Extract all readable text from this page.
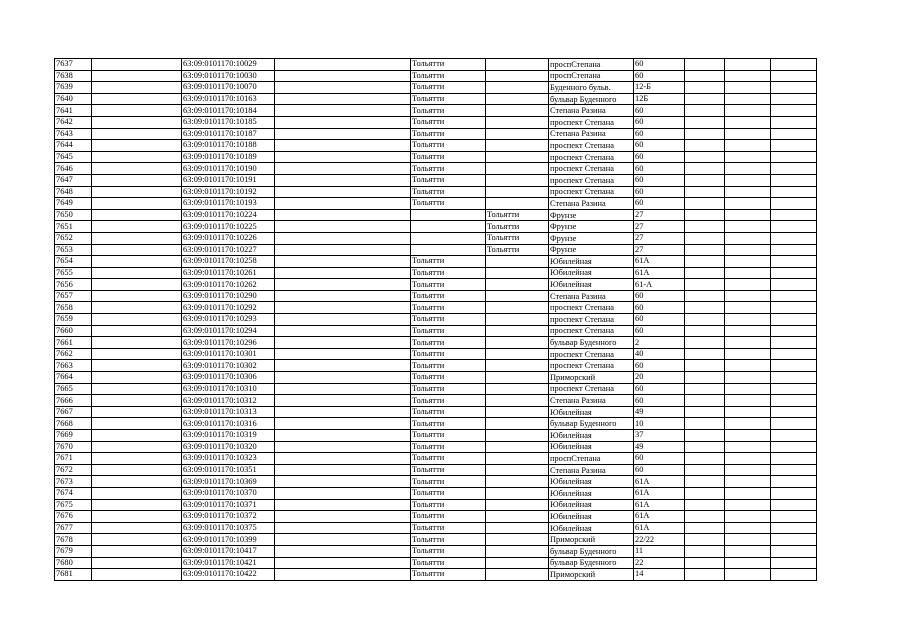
7637		63:09:0101170:10029		Тольятти		проспСтепана	60			
7638		63:09:0101170:10030		Тольятти		проспСтепана	60			
7639		63:09:0101170:10070		Тольятти		Буденного бульв.	12-Б			
7640		63:09:0101170:10163		Тольятти		бульвар Буденного	12Б			
7641		63:09:0101170:10184		Тольятти		Степана Разина	60			
7642		63:09:0101170:10185		Тольятти		проспект Степана	60			
7643		63:09:0101170:10187		Тольятти		Степана Разина	60			
7644		63:09:0101170:10188		Тольятти		проспект Степана	60			
7645		63:09:0101170:10189		Тольятти		проспект Степана	60			
7646		63:09:0101170:10190		Тольятти		проспект Степана	60			
7647		63:09:0101170:10191		Тольятти		проспект Степана	60			
7648		63:09:0101170:10192		Тольятти		проспект Степана	60			
7649		63:09:0101170:10193		Тольятти		Степана Разина	60			
7650		63:09:0101170:10224			Тольятти	Фрунзе	27			
7651		63:09:0101170:10225			Тольятти	Фрунзе	27			
7652		63:09:0101170:10226			Тольятти	Фрунзе	27			
7653		63:09:0101170:10227			Тольятти	Фрунзе	27			
7654		63:09:0101170:10258		Тольятти		Юбилейная	61А			
7655		63:09:0101170:10261		Тольятти		Юбилейная	61А			
7656		63:09:0101170:10262		Тольятти		Юбилейная	61-А			
7657		63:09:0101170:10290		Тольятти		Степана Разина	60			
7658		63:09:0101170:10292		Тольятти		проспект Степана	60			
7659		63:09:0101170:10293		Тольятти		проспект Степана	60			
7660		63:09:0101170:10294		Тольятти		проспект Степана	60			
7661		63:09:0101170:10296		Тольятти		бульвар Буденного	2			
7662		63:09:0101170:10301		Тольятти		проспект Степана	40			
7663		63:09:0101170:10302		Тольятти		проспект Степана	60			
7664		63:09:0101170:10306		Тольятти		Приморский	20			
7665		63:09:0101170:10310		Тольятти		проспект Степана	60			
7666		63:09:0101170:10312		Тольятти		Степана Разина	60			
7667		63:09:0101170:10313		Тольятти		Юбилейная	49			
7668		63:09:0101170:10316		Тольятти		бульвар Буденного	10			
7669		63:09:0101170:10319		Тольятти		Юбилейная	37			
7670		63:09:0101170:10320		Тольятти		Юбилейная	49			
7671		63:09:0101170:10323		Тольятти		проспСтепана	60			
7672		63:09:0101170:10351		Тольятти		Степана Разина	60			
7673		63:09:0101170:10369		Тольятти		Юбилейная	61А			
7674		63:09:0101170:10370		Тольятти		Юбилейная	61А			
7675		63:09:0101170:10371		Тольятти		Юбилейная	61А			
7676		63:09:0101170:10372		Тольятти		Юбилейная	61А			
7677		63:09:0101170:10375		Тольятти		Юбилейная	61А			
7678		63:09:0101170:10399		Тольятти		Приморский	22/22			
7679		63:09:0101170:10417		Тольятти		бульвар Буденного	11			
7680		63:09:0101170:10421		Тольятти		бульвар Буденного	22			
7681		63:09:0101170:10422		Тольятти		Приморский	14			
